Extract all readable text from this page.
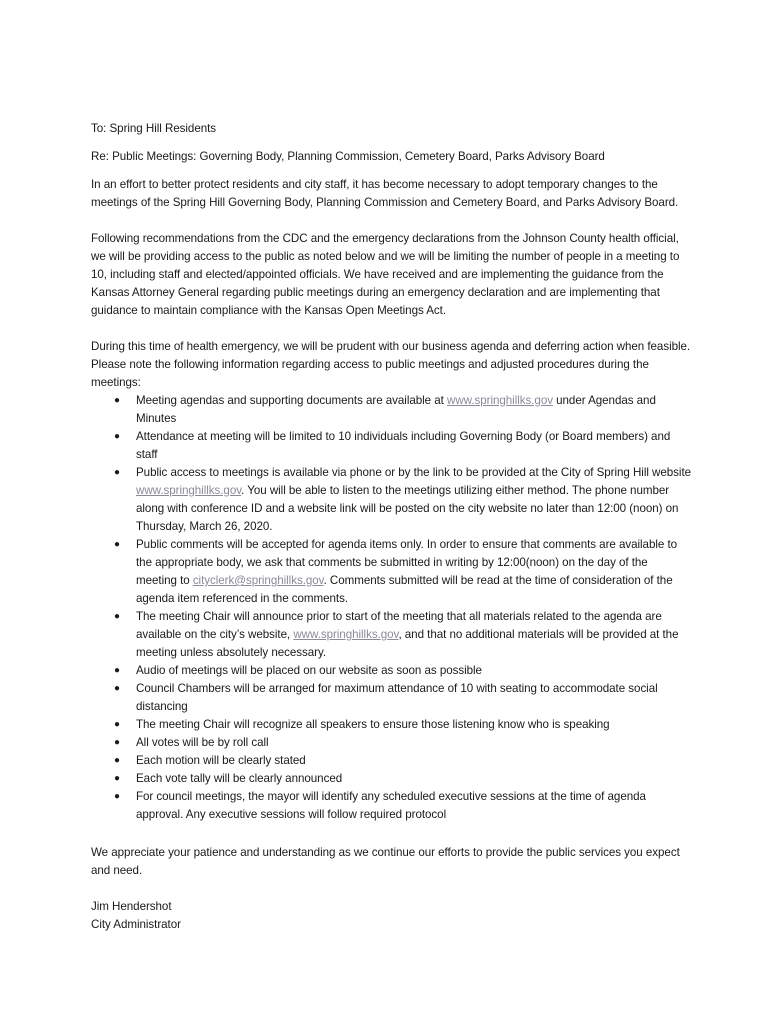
To: Spring Hill Residents

Re: Public Meetings: Governing Body, Planning Commission, Cemetery Board, Parks Advisory Board

In an effort to better protect residents and city staff, it has become necessary to adopt temporary changes to the meetings of the Spring Hill Governing Body, Planning Commission and Cemetery Board, and Parks Advisory Board.

Following recommendations from the CDC and the emergency declarations from the Johnson County health official, we will be providing access to the public as noted below and we will be limiting the number of people in a meeting to 10, including staff and elected/appointed officials. We have received and are implementing the guidance from the Kansas Attorney General regarding public meetings during an emergency declaration and are implementing that guidance to maintain compliance with the Kansas Open Meetings Act.

During this time of health emergency, we will be prudent with our business agenda and deferring action when feasible. Please note the following information regarding access to public meetings and adjusted procedures during the meetings:

● Meeting agendas and supporting documents are available at www.springhillks.gov under Agendas and Minutes
● Attendance at meeting will be limited to 10 individuals including Governing Body (or Board members) and staff
● Public access to meetings is available via phone or by the link to be provided at the City of Spring Hill website www.springhillks.gov. You will be able to listen to the meetings utilizing either method. The phone number along with conference ID and a website link will be posted on the city website no later than 12:00 (noon) on Thursday, March 26, 2020.
● Public comments will be accepted for agenda items only. In order to ensure that comments are available to the appropriate body, we ask that comments be submitted in writing by 12:00(noon) on the day of the meeting to cityclerk@springhillks.gov. Comments submitted will be read at the time of consideration of the agenda item referenced in the comments.
● The meeting Chair will announce prior to start of the meeting that all materials related to the agenda are available on the city’s website, www.springhillks.gov, and that no additional materials will be provided at the meeting unless absolutely necessary.
● Audio of meetings will be placed on our website as soon as possible
● Council Chambers will be arranged for maximum attendance of 10 with seating to accommodate social distancing
● The meeting Chair will recognize all speakers to ensure those listening know who is speaking
● All votes will be by roll call
● Each motion will be clearly stated
● Each vote tally will be clearly announced
● For council meetings, the mayor will identify any scheduled executive sessions at the time of agenda approval. Any executive sessions will follow required protocol

We appreciate your patience and understanding as we continue our efforts to provide the public services you expect and need.

Jim Hendershot

City Administrator
